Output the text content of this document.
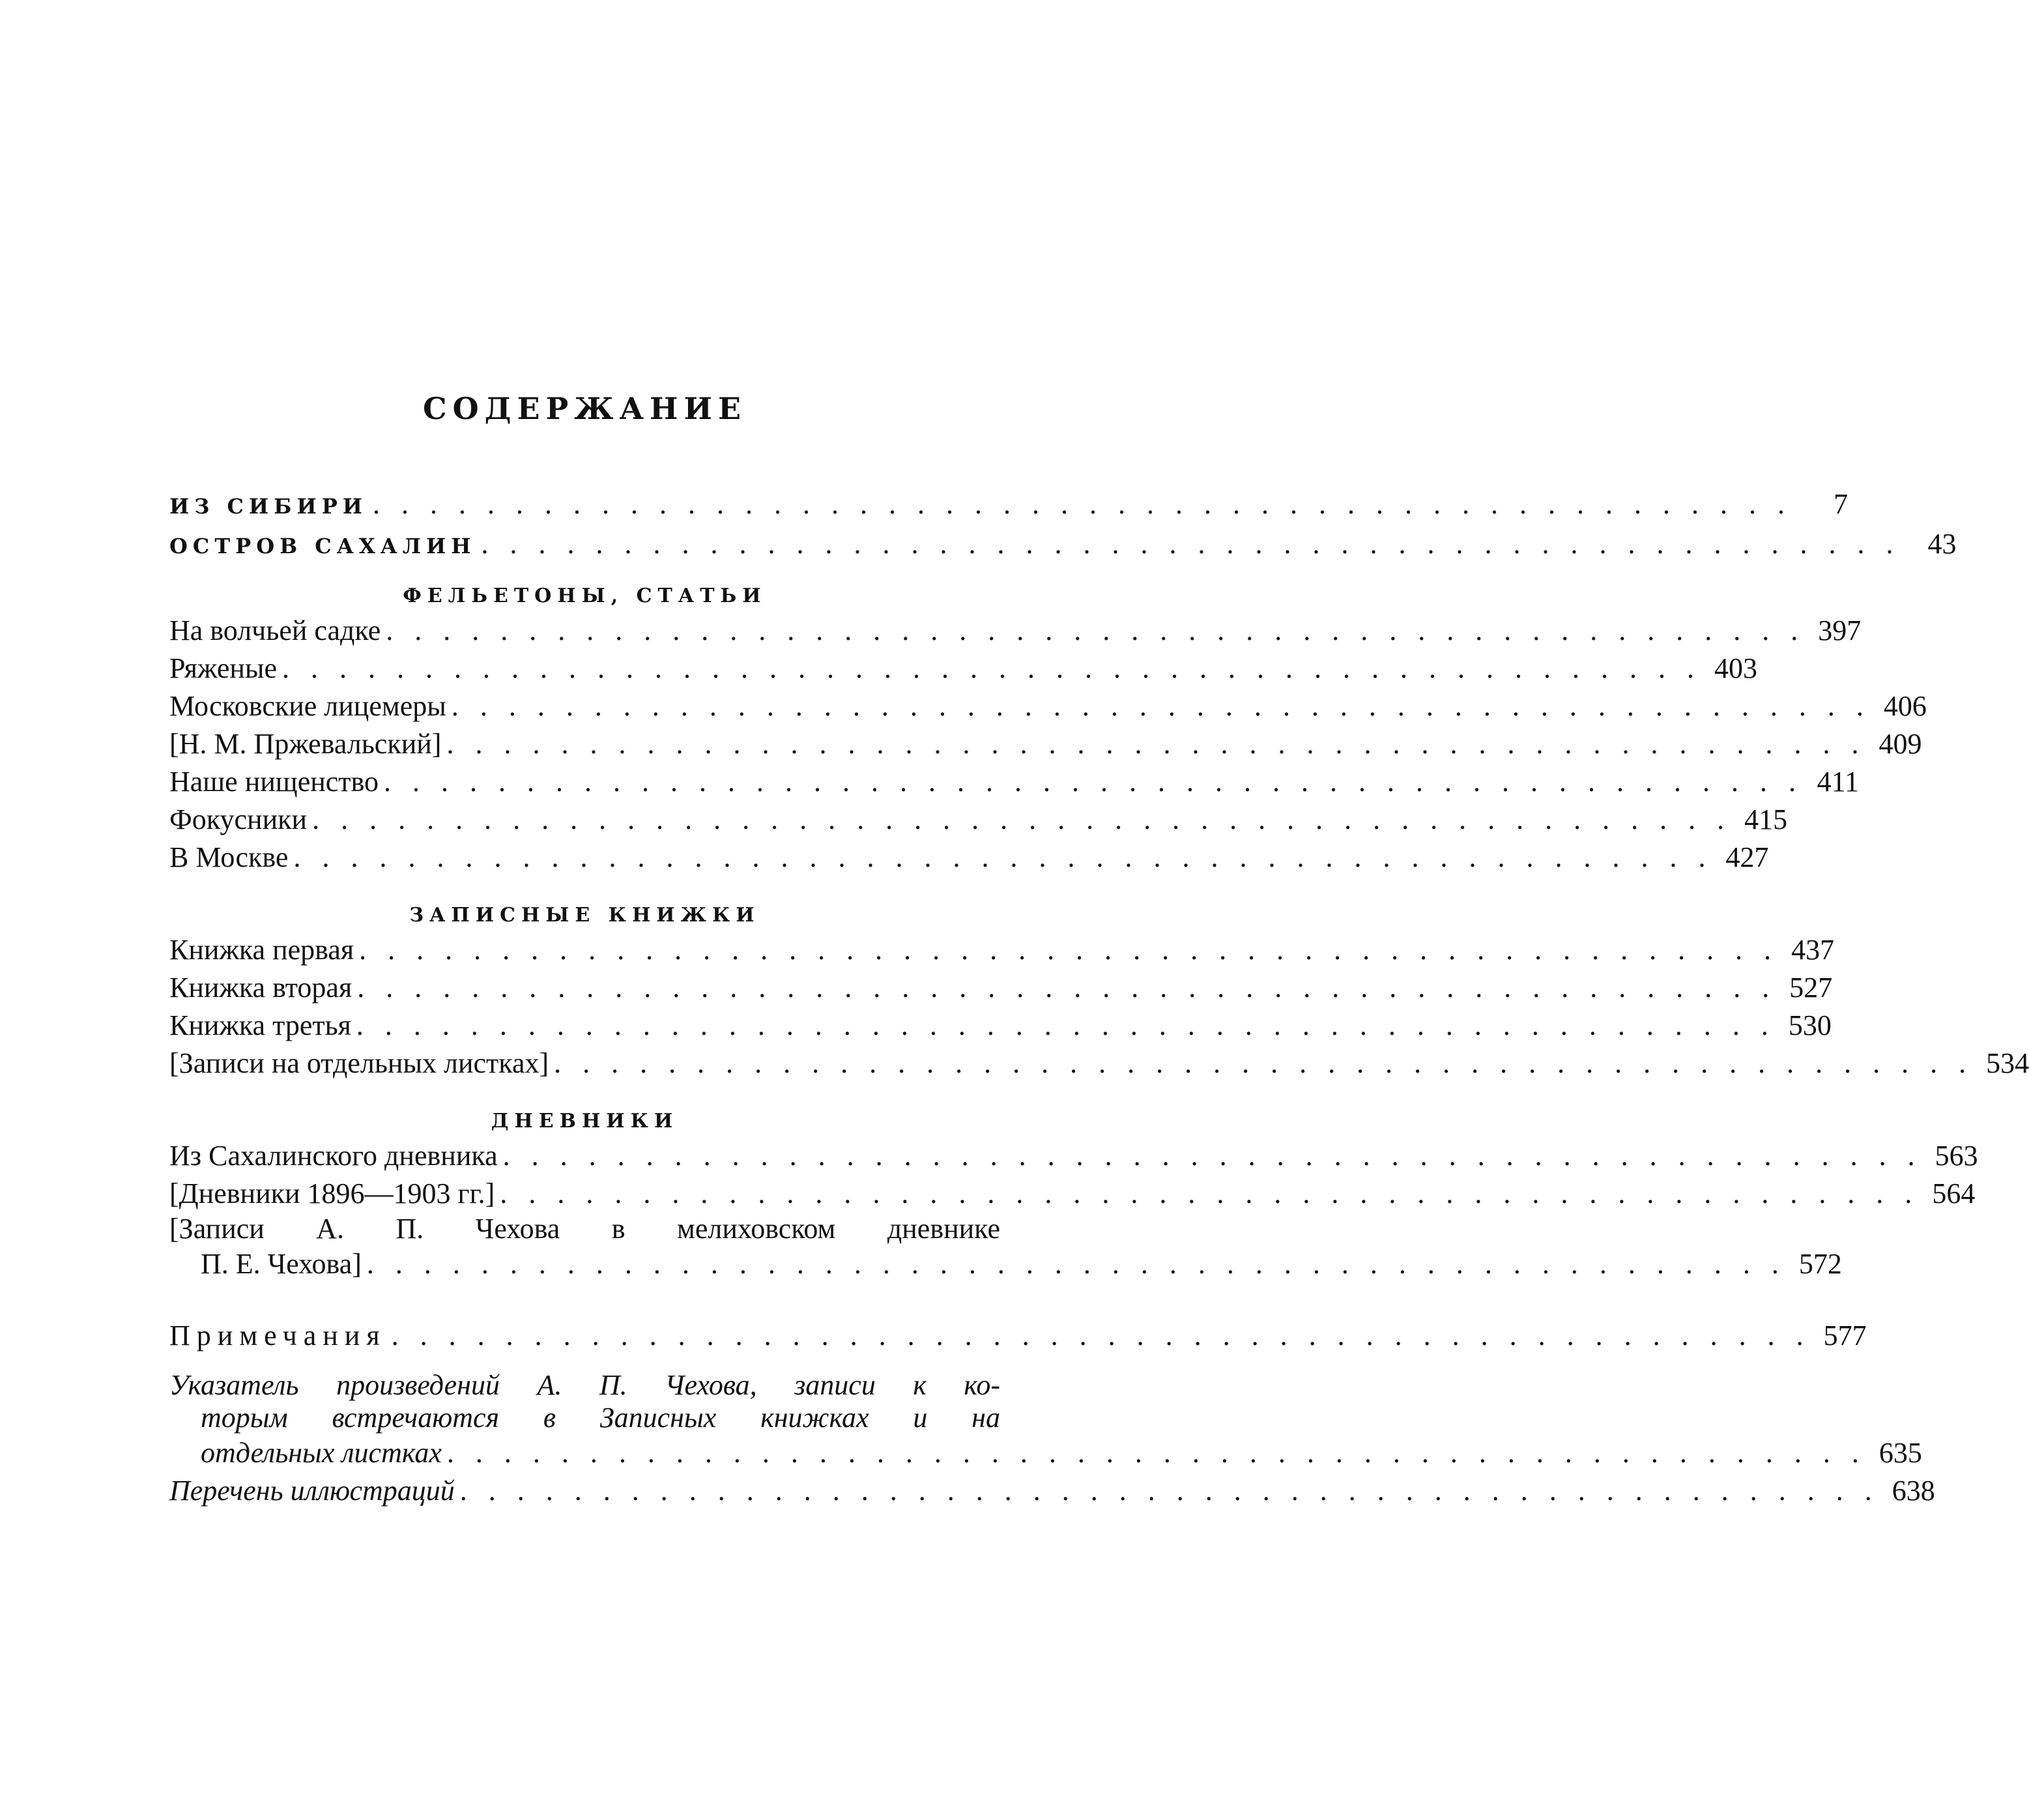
СОДЕРЖАНИЕ
ИЗ СИБИРИ . . . . . . . . . . . . . . . . . . . . . . . . . . . . . . . . . . . . . . . . . . . . . . . . . .	7
ОСТРОВ САХАЛИН . . . . . . . . . . . . . . . . . . . . . . . . . . . . . . . . . . . . . . . . . . . . . . . . . . 43
ФЕЛЬЕТОНЫ, СТАТЬИ
На волчьей садке . . . . . . . . . . . . . . . . . . . . . . . . . . . . . . . . . . . . . . . . . . . . . . . . . . 397
Ряженые . . . . . . . . . . . . . . . . . . . . . . . . . . . . . . . . . . . . . . . . . . . . . . . . . . 403
Московские лицемеры . . . . . . . . . . . . . . . . . . . . . . . . . . . . . . . . . . . . . . . . . . . . . . . . . . 406
[Н. М. Пржевальский] . . . . . . . . . . . . . . . . . . . . . . . . . . . . . . . . . . . . . . . . . . . . . . . . . . 409
Наше нищенство . . . . . . . . . . . . . . . . . . . . . . . . . . . . . . . . . . . . . . . . . . . . . . . . . . 411
Фокусники . . . . . . . . . . . . . . . . . . . . . . . . . . . . . . . . . . . . . . . . . . . . . . . . . . 415
В Москве . . . . . . . . . . . . . . . . . . . . . . . . . . . . . . . . . . . . . . . . . . . . . . . . . . 427
ЗАПИСНЫЕ КНИЖКИ
Книжка первая . . . . . . . . . . . . . . . . . . . . . . . . . . . . . . . . . . . . . . . . . . . . . . . . . . 437
Книжка вторая . . . . . . . . . . . . . . . . . . . . . . . . . . . . . . . . . . . . . . . . . . . . . . . . . . 527
Книжка третья . . . . . . . . . . . . . . . . . . . . . . . . . . . . . . . . . . . . . . . . . . . . . . . . . . 530
[Записи на отдельных листках] . . . . . . . . . . . . . . . . . . . . . . . . . . . . . . . . . . . . . . . . . . . . . . . . . . 534
ДНЕВНИКИ
Из Сахалинского дневника . . . . . . . . . . . . . . . . . . . . . . . . . . . . . . . . . . . . . . . . . . . . . . . . . . 563
[Дневники 1896—1903 гг.] . . . . . . . . . . . . . . . . . . . . . . . . . . . . . . . . . . . . . . . . . . . . . . . . . . 564
[Записи А. П. Чехова в мелиховском дневнике
П. Е. Чехова] . . . . . . . . . . . . . . . . . . . . . . . . . . . . . . . . . . . . . . . . . . . . . . . . . . 572
Примечания . . . . . . . . . . . . . . . . . . . . . . . . . . . . . . . . . . . . . . . . . . . . . . . . . . 577
Указатель произведений А. П. Чехова, записи к ко-
торым встречаются в Записных книжках и на
отдельных листках . . . . . . . . . . . . . . . . . . . . . . . . . . . . . . . . . . . . . . . . . . . . . . . . . . 635
Перечень иллюстраций . . . . . . . . . . . . . . . . . . . . . . . . . . . . . . . . . . . . . . . . . . . . . . . . . . 638
